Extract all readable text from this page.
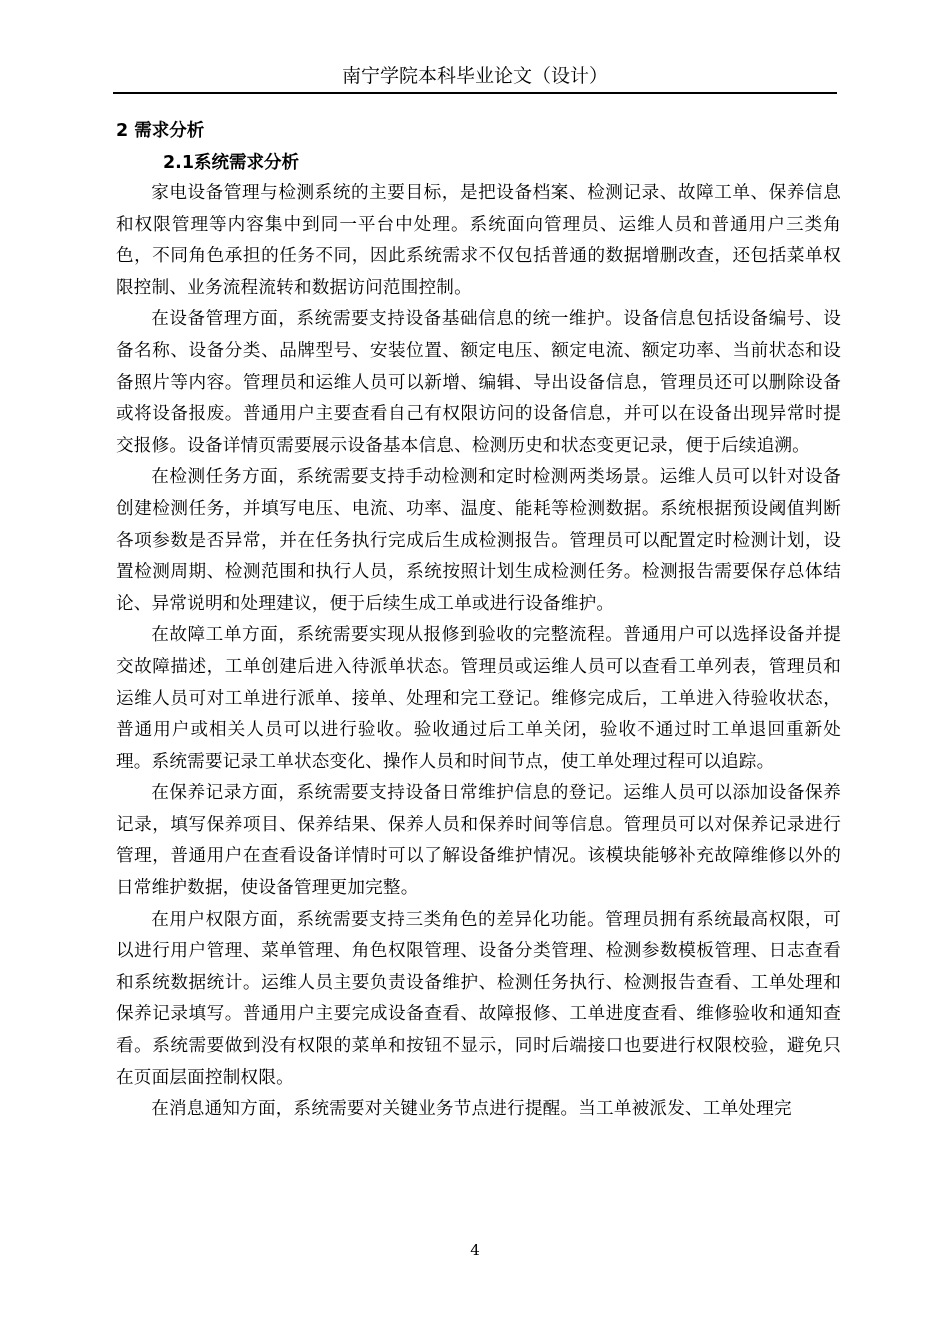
南宁学院本科毕业论文（设计）
2 需求分析
2.1系统需求分析

家电设备管理与检测系统的主要目标，是把设备档案、检测记录、故障工单、保养信息和权限管理等内容集中到同一平台中处理。系统面向管理员、运维人员和普通用户三类角色，不同角色承担的任务不同，因此系统需求不仅包括普通的数据增删改查，还包括菜单权限控制、业务流程流转和数据访问范围控制。

在设备管理方面，系统需要支持设备基础信息的统一维护。设备信息包括设备编号、设备名称、设备分类、品牌型号、安装位置、额定电压、额定电流、额定功率、当前状态和设备照片等内容。管理员和运维人员可以新增、编辑、导出设备信息，管理员还可以删除设备或将设备报废。普通用户主要查看自己有权限访问的设备信息，并可以在设备出现异常时提交报修。设备详情页需要展示设备基本信息、检测历史和状态变更记录，便于后续追溯。

在检测任务方面，系统需要支持手动检测和定时检测两类场景。运维人员可以针对设备创建检测任务，并填写电压、电流、功率、温度、能耗等检测数据。系统根据预设阈值判断各项参数是否异常，并在任务执行完成后生成检测报告。管理员可以配置定时检测计划，设置检测周期、检测范围和执行人员，系统按照计划生成检测任务。检测报告需要保存总体结论、异常说明和处理建议，便于后续生成工单或进行设备维护。

在故障工单方面，系统需要实现从报修到验收的完整流程。普通用户可以选择设备并提交故障描述，工单创建后进入待派单状态。管理员或运维人员可以查看工单列表，管理员和运维人员可对工单进行派单、接单、处理和完工登记。维修完成后，工单进入待验收状态，普通用户或相关人员可以进行验收。验收通过后工单关闭，验收不通过时工单退回重新处理。系统需要记录工单状态变化、操作人员和时间节点，使工单处理过程可以追踪。

在保养记录方面，系统需要支持设备日常维护信息的登记。运维人员可以添加设备保养记录，填写保养项目、保养结果、保养人员和保养时间等信息。管理员可以对保养记录进行管理，普通用户在查看设备详情时可以了解设备维护情况。该模块能够补充故障维修以外的日常维护数据，使设备管理更加完整。

在用户权限方面，系统需要支持三类角色的差异化功能。管理员拥有系统最高权限，可以进行用户管理、菜单管理、角色权限管理、设备分类管理、检测参数模板管理、日志查看和系统数据统计。运维人员主要负责设备维护、检测任务执行、检测报告查看、工单处理和保养记录填写。普通用户主要完成设备查看、故障报修、工单进度查看、维修验收和通知查看。系统需要做到没有权限的菜单和按钮不显示，同时后端接口也要进行权限校验，避免只在页面层面控制权限。

在消息通知方面，系统需要对关键业务节点进行提醒。当工单被派发、工单处理完

4
